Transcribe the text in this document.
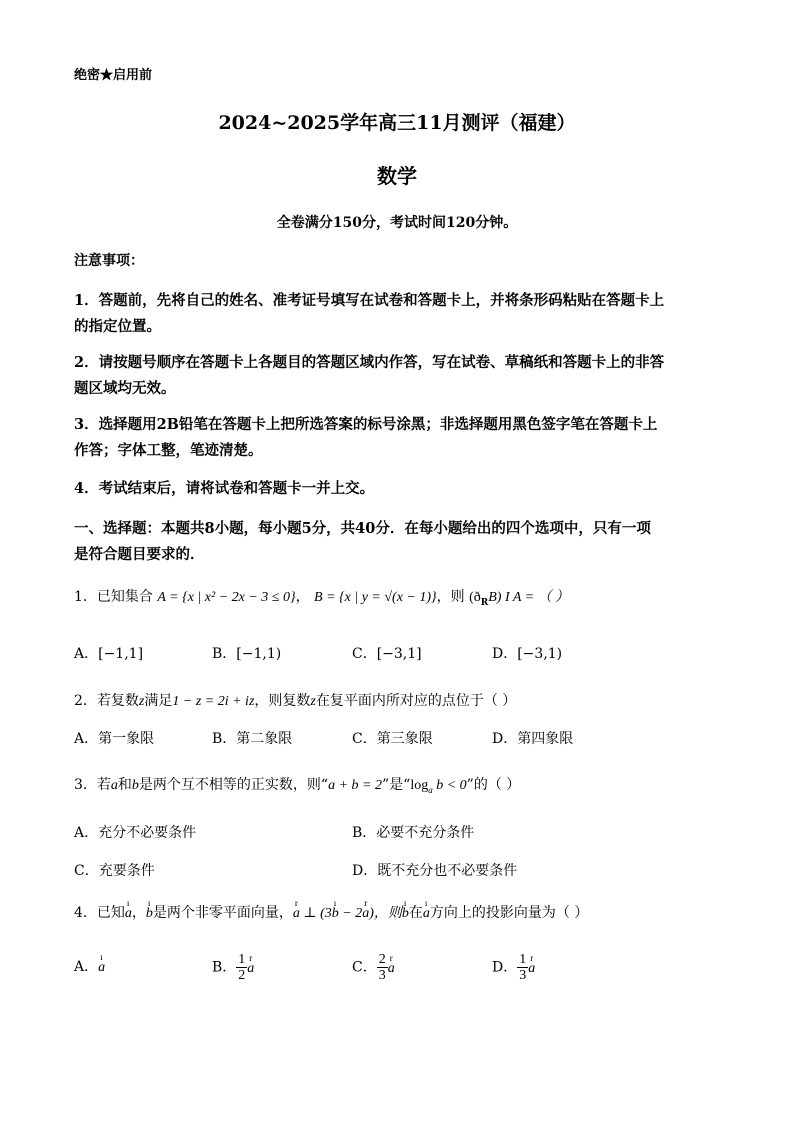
绝密★启用前
2024~2025学年高三11月测评（福建）
数学
全卷满分150分，考试时间120分钟。
注意事项：
1．答题前，先将自己的姓名、准考证号填写在试卷和答题卡上，并将条形码粘贴在答题卡上
的指定位置。
2．请按题号顺序在答题卡上各题目的答题区域内作答，写在试卷、草稿纸和答题卡上的非答
题区域均无效。
3．选择题用2B铅笔在答题卡上把所选答案的标号涂黑；非选择题用黑色签字笔在答题卡上
作答；字体工整，笔迹清楚。
4．考试结束后，请将试卷和答题卡一并上交。
一、选择题：本题共8小题，每小题5分，共40分．在每小题给出的四个选项中，只有一项
是符合题目要求的．
1．已知集合 A = {x | x² − 2x − 3 ≤ 0}， B = {x | y = √(x − 1)}，则 $(ð_RB)$ I A = （ ）
A．[−1,1]	B．[−1,1)	C．[−3,1]	D．[−3,1)
2．若复数z满足1 − z = 2i + iz，则复数z在复平面内所对应的点位于（ ）
A．第一象限	B．第二象限	C．第三象限	D．第四象限
3．若a和b是两个互不相等的正实数，则“a + b = 2”是“$\log_a$ b < 0”的（ ）
A．充分不必要条件	B．必要不充分条件
C．充要条件	D．既不充分也不必要条件
4．已知
ı
a，
ı
b是两个非零平面向量，
r
a ⊥ (3
ı
b − 2
r
a)，则
ı
b在
ı
a方向上的投影向量为（ ）
A．
ı
a	B． $\frac{1}{2}$ r
a	C． $\frac{2}{3}$ r
a	D． $\frac{1}{3}$ r
a
